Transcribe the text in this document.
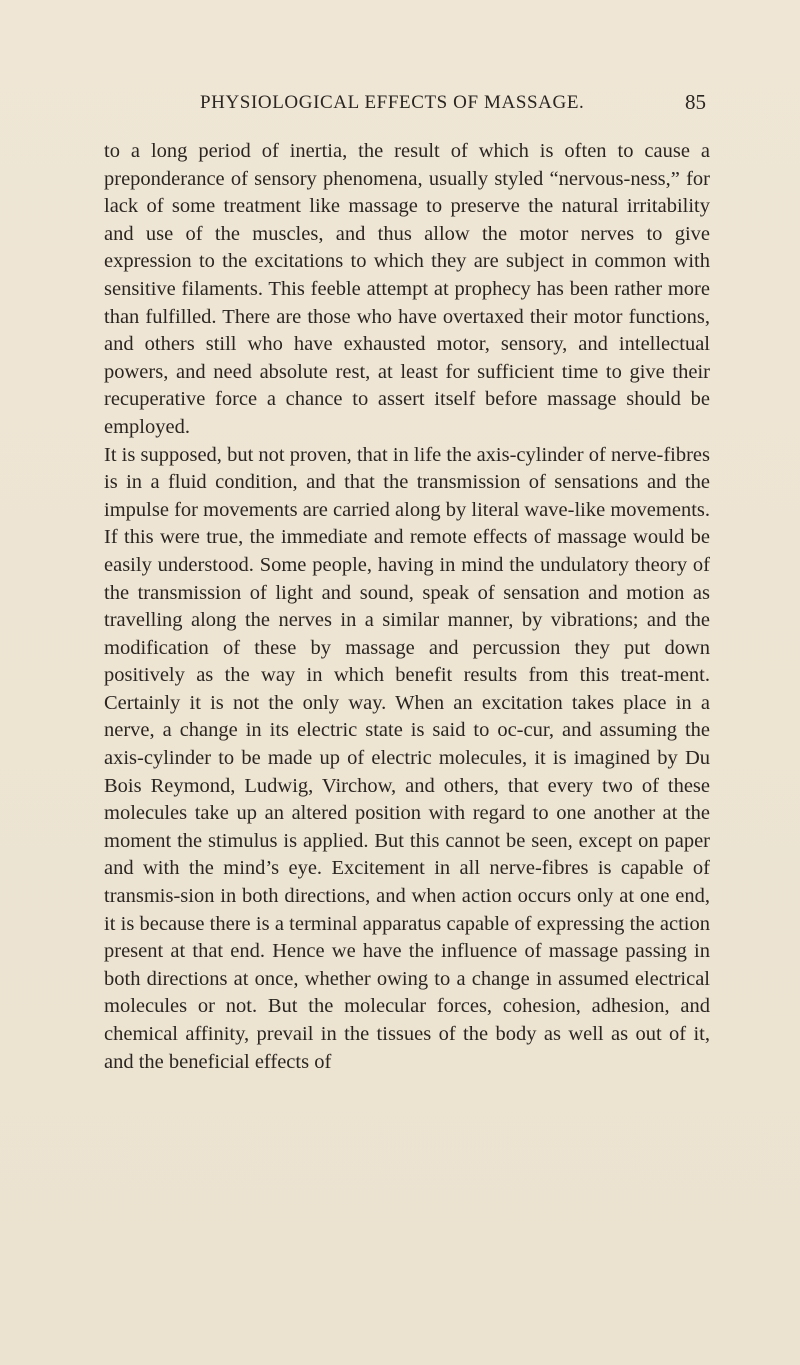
PHYSIOLOGICAL EFFECTS OF MASSAGE.	85

to a long period of inertia, the result of which is often to cause a preponderance of sensory phenomena, usually styled “nervous-ness,” for lack of some treatment like massage to preserve the natural irritability and use of the muscles, and thus allow the motor nerves to give expression to the excitations to which they are subject in common with sensitive filaments. This feeble attempt at prophecy has been rather more than fulfilled. There are those who have overtaxed their motor functions, and others still who have exhausted motor, sensory, and intellectual powers, and need absolute rest, at least for sufficient time to give their recuperative force a chance to assert itself before massage should be employed.

It is supposed, but not proven, that in life the axis-cylinder of nerve-fibres is in a fluid condition, and that the transmission of sensations and the impulse for movements are carried along by literal wave-like movements. If this were true, the immediate and remote effects of massage would be easily understood. Some people, having in mind the undulatory theory of the transmission of light and sound, speak of sensation and motion as travelling along the nerves in a similar manner, by vibrations; and the modification of these by massage and percussion they put down positively as the way in which benefit results from this treat-ment. Certainly it is not the only way. When an excitation takes place in a nerve, a change in its electric state is said to oc-cur, and assuming the axis-cylinder to be made up of electric molecules, it is imagined by Du Bois Reymond, Ludwig, Virchow, and others, that every two of these molecules take up an altered position with regard to one another at the moment the stimulus is applied. But this cannot be seen, except on paper and with the mind’s eye. Excitement in all nerve-fibres is capable of transmis-sion in both directions, and when action occurs only at one end, it is because there is a terminal apparatus capable of expressing the action present at that end. Hence we have the influence of massage passing in both directions at once, whether owing to a change in assumed electrical molecules or not. But the molecular forces, cohesion, adhesion, and chemical affinity, prevail in the tissues of the body as well as out of it, and the beneficial effects of
